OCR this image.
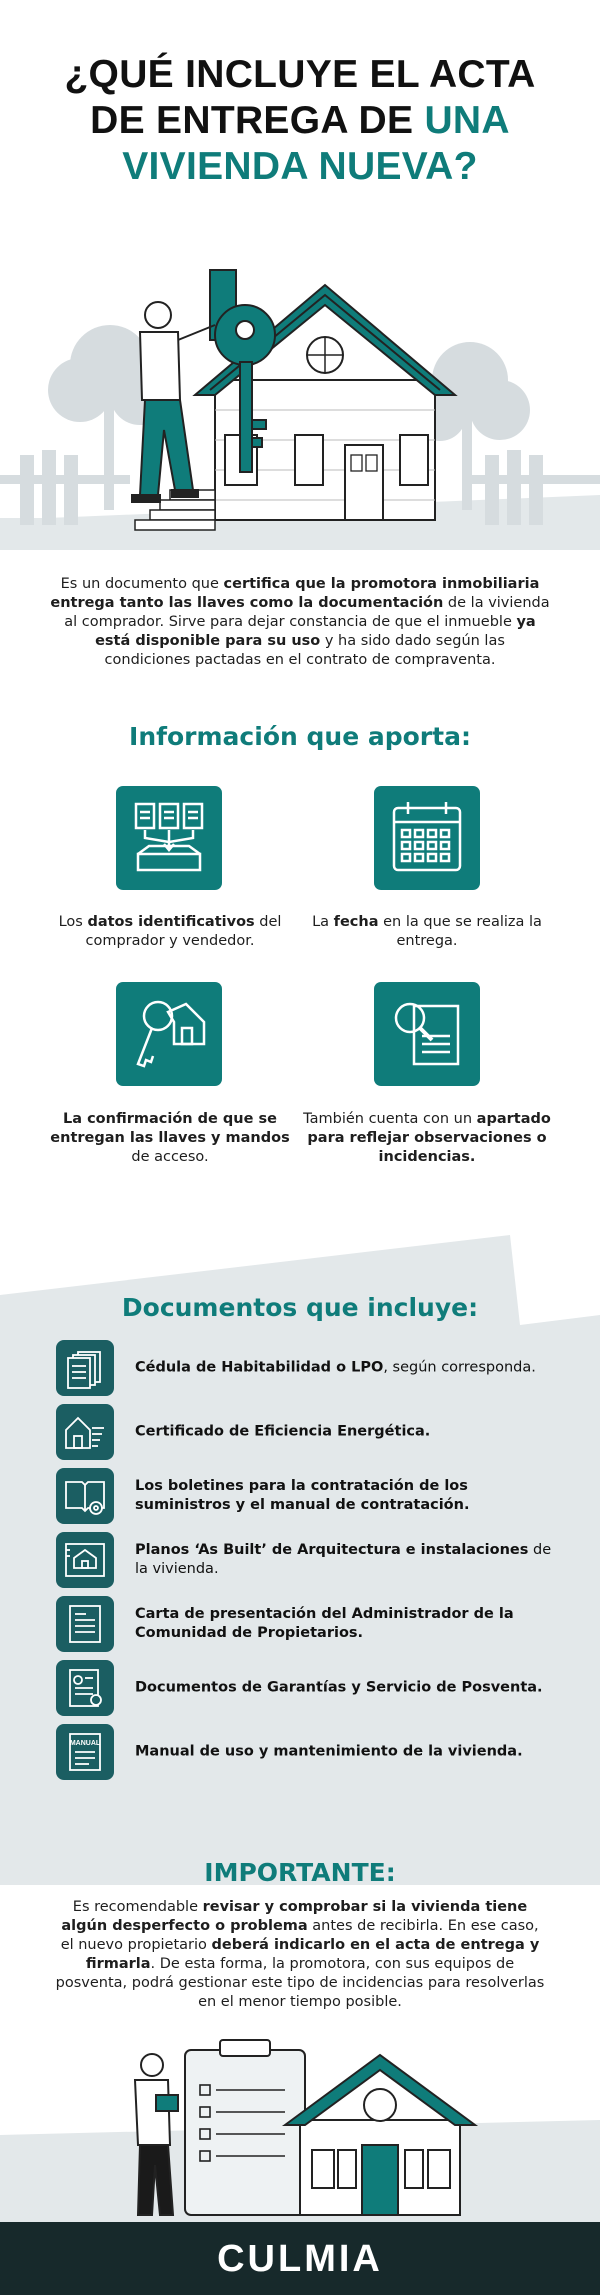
¿QUÉ INCLUYE EL ACTA
DE ENTREGA DE UNA
VIVIENDA NUEVA?

Es un documento que certifica que la promotora inmobiliaria entrega tanto las llaves como la documentación de la vivienda al comprador. Sirve para dejar constancia de que el inmueble ya está disponible para su uso y ha sido dado según las condiciones pactadas en el contrato de compraventa.

Información que aporta:

Los datos identificativos del comprador y vendedor.

La fecha en la que se realiza la entrega.

La confirmación de que se entregan las llaves y mandos de acceso.

También cuenta con un apartado para reflejar observaciones o incidencias.

Documentos que incluye:

Cédula de Habitabilidad o LPO, según corresponda.

Certificado de Eficiencia Energética.

Los boletines para la contratación de los suministros y el manual de contratación.

Planos ‘As Built’ de Arquitectura e instalaciones de la vivienda.

Carta de presentación del Administrador de la Comunidad de Propietarios.

Documentos de Garantías y Servicio de Posventa.

MANUAL Manual de uso y mantenimiento de la vivienda.

IMPORTANTE:

Es recomendable revisar y comprobar si la vivienda tiene algún desperfecto o problema antes de recibirla. En ese caso, el nuevo propietario deberá indicarlo en el acta de entrega y firmarla. De esta forma, la promotora, con sus equipos de posventa, podrá gestionar este tipo de incidencias para resolverlas en el menor tiempo posible.

CULMIA
